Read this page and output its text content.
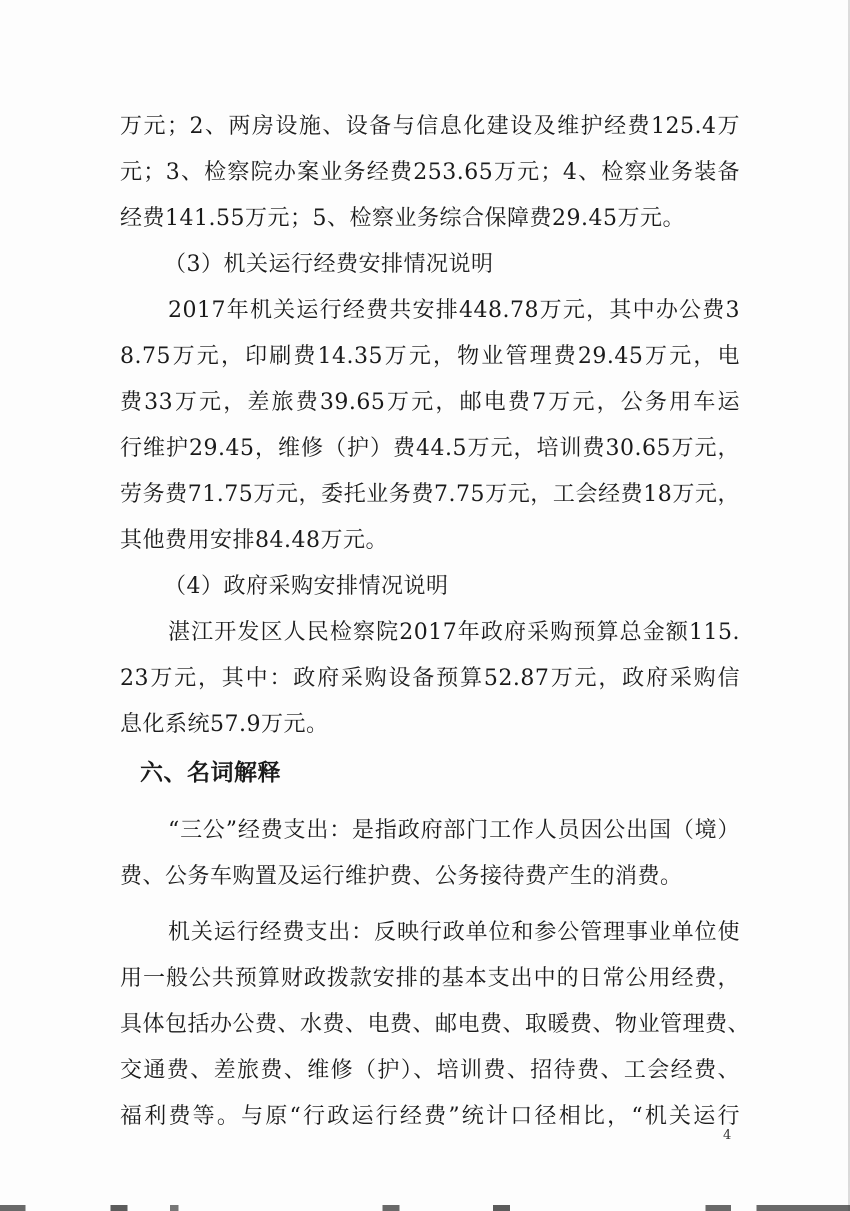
万元；2、两房设施、设备与信息化建设及维护经费125.4万
元；3、检察院办案业务经费253.65万元；4、检察业务装备
经费141.55万元；5、检察业务综合保障费29.45万元。
（3）机关运行经费安排情况说明
2017年机关运行经费共安排448.78万元，其中办公费3
8.75万元，印刷费14.35万元，物业管理费29.45万元，电
费33万元，差旅费39.65万元，邮电费7万元，公务用车运
行维护29.45，维修（护）费44.5万元，培训费30.65万元，
劳务费71.75万元，委托业务费7.75万元，工会经费18万元，
其他费用安排84.48万元。
（4）政府采购安排情况说明
湛江开发区人民检察院2017年政府采购预算总金额115.
23万元，其中：政府采购设备预算52.87万元，政府采购信
息化系统57.9万元。
六、名词解释
“三公”经费支出：是指政府部门工作人员因公出国（境）
费、公务车购置及运行维护费、公务接待费产生的消费。
机关运行经费支出：反映行政单位和参公管理事业单位使
用一般公共预算财政拨款安排的基本支出中的日常公用经费，
具体包括办公费、水费、电费、邮电费、取暖费、物业管理费、
交通费、差旅费、维修（护）、培训费、招待费、工会经费、
福利费等。与原“行政运行经费”统计口径相比，“机关运行
4
